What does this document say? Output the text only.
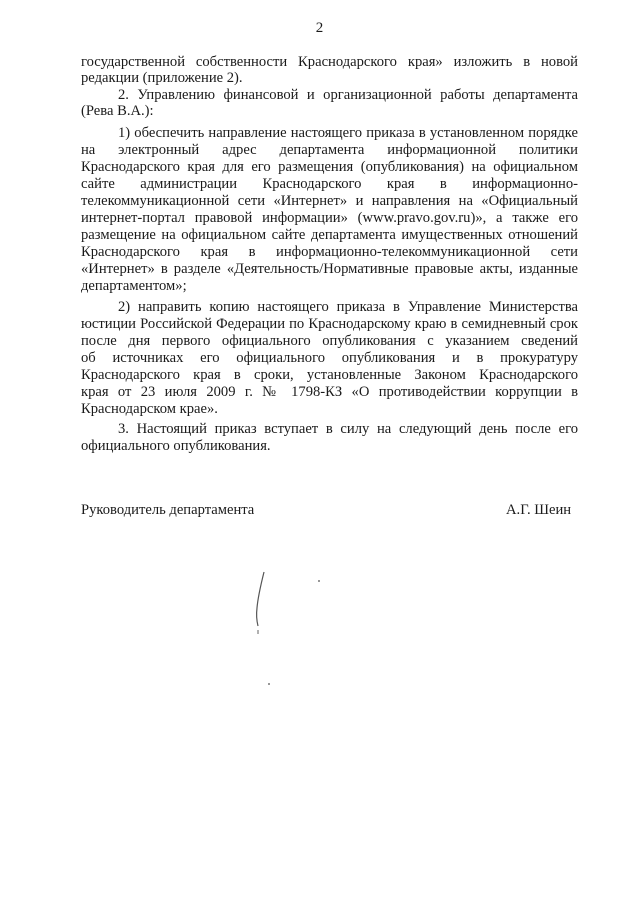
2
государственной собственности Краснодарского края» изложить в новой
редакции (приложение 2).
2. Управлению финансовой и организационной работы департамента
(Рева В.А.):
1) обеспечить направление настоящего приказа в установленном порядке
на электронный адрес департамента информационной политики
Краснодарского края для его размещения (опубликования) на официальном
сайте администрации Краснодарского края в информационно-
телекоммуникационной сети «Интернет» и направления на «Официальный
интернет-портал правовой информации» (www.pravo.gov.ru)», а также его
размещение на официальном сайте департамента имущественных отношений
Краснодарского края в информационно-телекоммуникационной сети
«Интернет» в разделе «Деятельность/Нормативные правовые акты, изданные
департаментом»;
2) направить копию настоящего приказа в Управление Министерства
юстиции Российской Федерации по Краснодарскому краю в семидневный срок
после дня первого официального опубликования с указанием сведений
об источниках его официального опубликования и в прокуратуру
Краснодарского края в сроки, установленные Законом Краснодарского
края от 23 июля 2009 г. № 1798-КЗ «О противодействии коррупции в
Краснодарском крае».
3. Настоящий приказ вступает в силу на следующий день после его
официального опубликования.
Руководитель департамента	А.Г. Шеин
